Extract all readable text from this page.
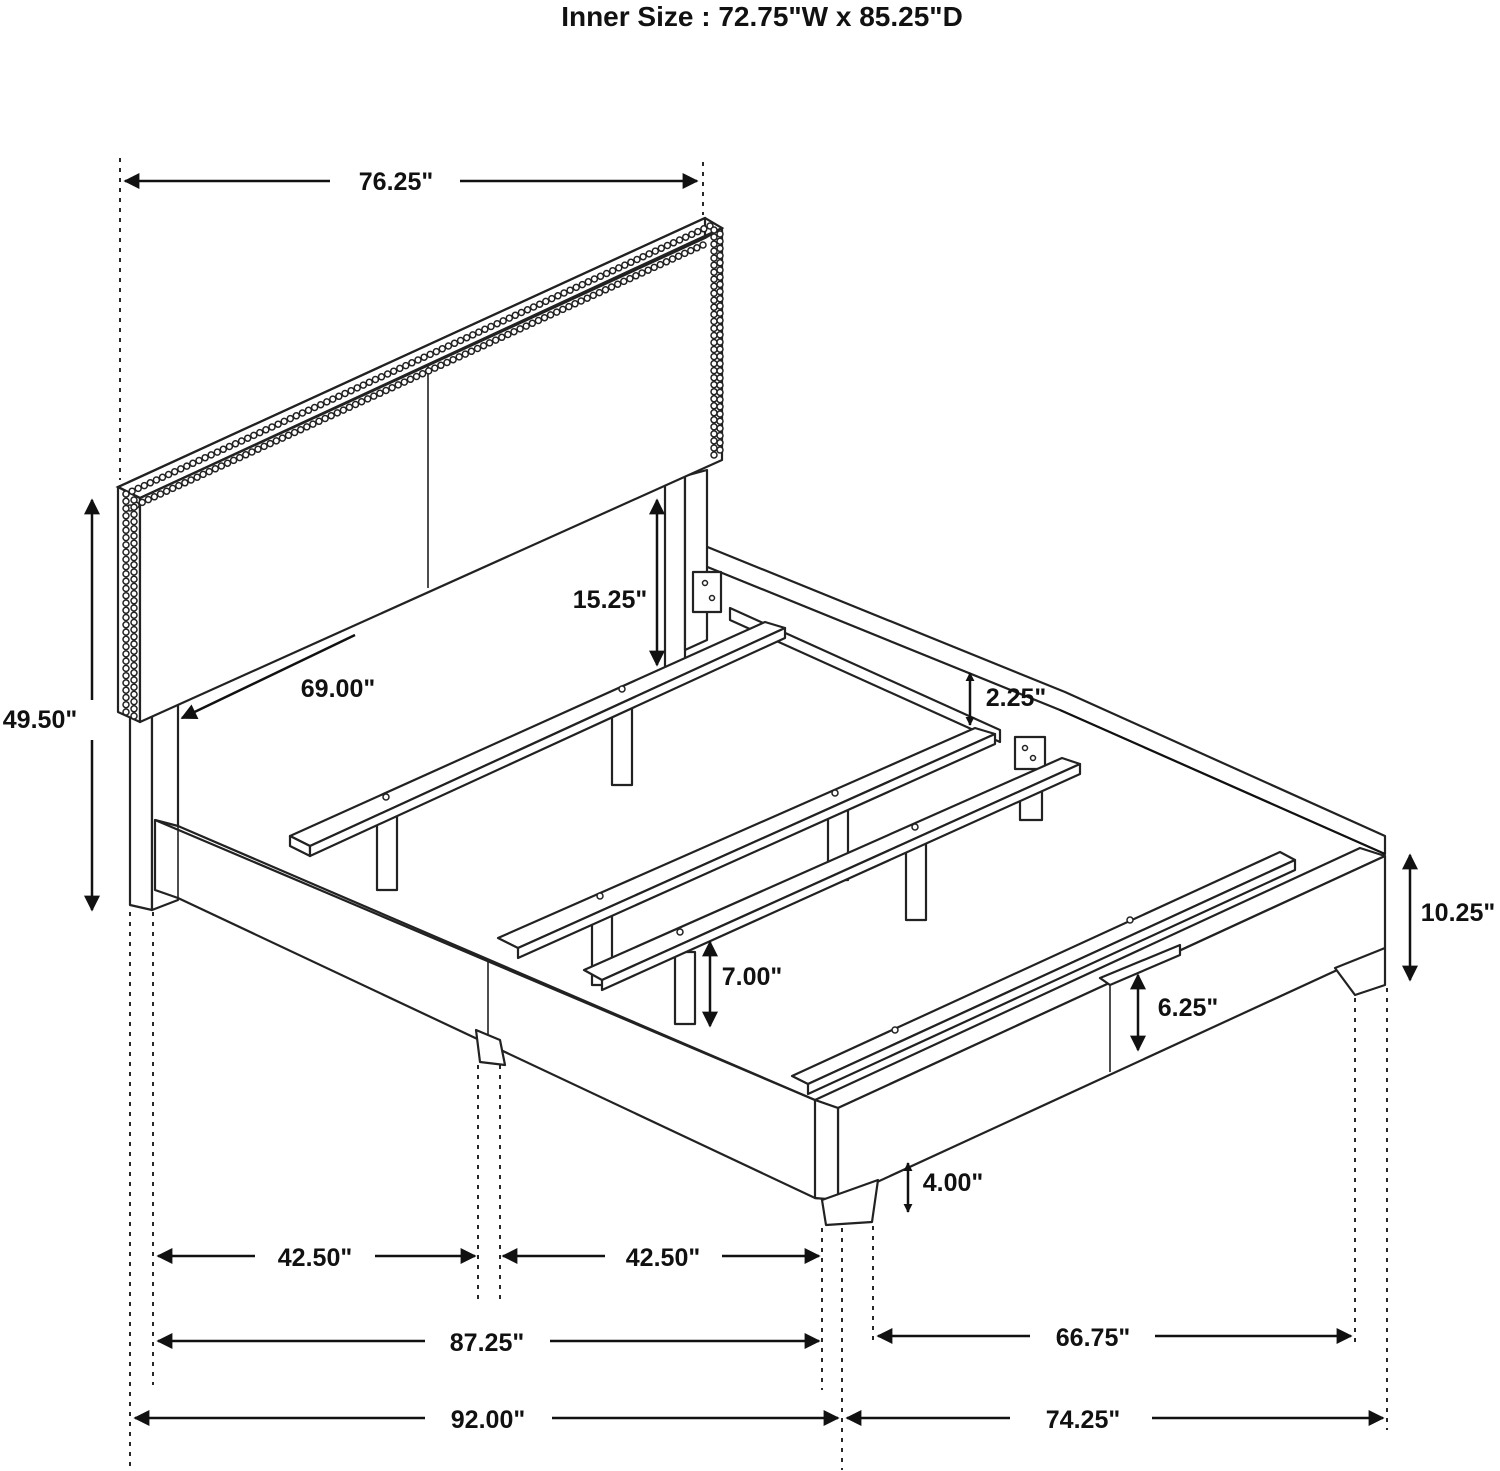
Inner Size : 72.75"W x 85.25"D
76.25"
49.50"
15.25"
69.00"	2.25"
10.25"
7.00"
6.25"
4.00"
42.50"	42.50"
87.25"	66.75"
92.00"	74.25"
